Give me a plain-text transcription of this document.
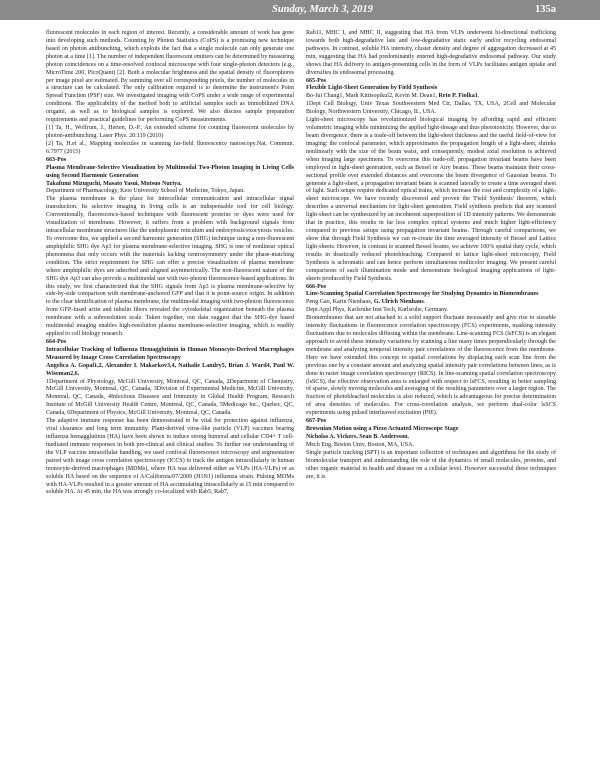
Sunday, March 3, 2019	135a

fluorescent molecules in each region of interest. Recently, a considerable amount of work has gone into developing such methods. Counting by Photon Statistics (CoPS) is a promising new technique based on photon antibunching, which exploits the fact that a single molecule can only generate one photon at a time [1]. The number of independent fluorescent emitters can be determined by measuring photon coincidences on a time-resolved confocal microscope with four single-photon detectors (e.g., MicroTime 200, PicoQuant) [2]. Both a molecular brightness and the spatial density of fluorophores per image pixel are estimated. By summing over all corresponding pixels, the number of molecules in a structure can be calculated. The only calibration required is to determine the instrument's Point Spread Function (PSF) size. We investigated imaging with CoPS under a wide range of experimental conditions. The applicability of the method both to artificial samples such as immobilized DNA origami, as well as to biological samples is explored. We also discuss sample preparation requirements and practical guidelines for performing CoPS measurements.

[1] Ta, H., Wolfrum, J., Herten, D.-P., An extended scheme for counting fluorescent molecules by photon-antibunching. Laser Phys. 20:119 (2010)

[2] Ta, H.et al., Mapping molecules in scanning far-field fluorescence nanoscopy.Nat. Commun. 6:7977 (2015)

663-Pos

Plasma Membrane-Selective Visualization by Multimodal Two-Photon Imaging in Living Cells using Second Harmonic Generation

Takafumi Mizuguchi, Masato Yasui, Mutsuo Nuriya.

Department of Pharmacology, Keio University School of Medicine, Tokyo, Japan.

The plasma membrane is the place for intercellular communication and intracellular signal transduction. Its selective imaging in living cells is an indispensable tool for cell biology. Conventionally, fluorescence-based techniques with fluorescent proteins or dyes were used for visualization of membrane. However, it suffers from a problem with background signals from intracellular membrane structures like the endoplasmic reticulum and endocytosis/exocytosis vesicles. To overcome this, we applied a second harmonic generation (SHG) technique using a non-fluorescent amphiphilic SHG dye Ap3 for plasma membrane-selective imaging. SHG is one of nonlinear optical phenomena that only occurs with the materials lacking centrosymmetry under the phase-matching condition. The strict requirement for SHG can offer a precise visualization of plasma membrane where amphiphilic dyes are adsorbed and aligned asymmetrically. The non-fluorescent nature of the SHG dye Ap3 can also provide a multimodal use with two-photon fluorescence-based applications. In this study, we first characterized that the SHG signals from Ap3 is plasma membrane-selective by side-by-side comparison with membrane-anchored GFP and that it is point-source origin. In addition to the clear identification of plasma membrane, the multimodal imaging with two-photon fluorescence from GFP-fused actin and tubulin fibers revealed the cytoskeletal organization beneath the plasma membrane with a subresolution scale. Taken together, our data suggest that the SHG-dye based multimodal imaging enables high-resolution plasma membrane-selective imaging, which is readily applied to cell biology research.

664-Pos

Intracellular Tracking of Influenza Hemagglutinin in Human Monocyte-Derived Macrophages Measured by Image Cross Correlation Spectroscopy

Angelica A. Gopal1,2, Alexander I. Makarkov3,4, Nathalie Landry5, Brian J. Ward4, Paul W. Wiseman2,6.

1Department of Physiology, McGill University, Montreal, QC, Canada, 2Department of Chemistry, McGill University, Montreal, QC, Canada, 3Division of Experimental Medicine, McGill University, Montreal, QC, Canada, 4Infectious Diseases and Immunity in Global Health Program, Research Institute of McGill University Health Centre, Montreal, QC, Canada, 5Medicago Inc., Quebec, QC, Canada, 6Department of Physics, McGill University, Montreal, QC, Canada.

The adaptive immune response has been demonstrated to be vital for protection against influenza, viral clearance and long term immunity. Plant-derived virus-like particle (VLP) vaccines bearing influenza hemagglutinin (HA) have been shown to induce strong humoral and cellular CD4+ T cell-mediated immune responses in both pre-clinical and clinical studies. To further our understanding of the VLP vaccine intracellular handling, we used confocal fluorescence microscopy and segmentation paired with image cross correlation spectroscopy (ICCS) to track the antigen intracellularly in human monocyte-derived macrophages (MDMs), where HA was delivered either as VLPs (HA-VLPs) or as soluble HA based on the sequence of A/California/07/2009 (H1N1) influenza strain. Pulsing MDMs with HA-VLPs resulted in a greater amount of HA accumulating intracellularly at 15 min compared to soluble HA. At 45 min, the HA was strongly co-localized with Rab5, Rab7,

Rab11, MHC I, and MHC II, suggesting that HA from VLPs underwent bi-directional trafficking towards both high-degradative late and low-degradative static early and/or recycling endosomal pathways. In contrast, soluble HA intensity, cluster density and degree of aggregation decreased at 45 min, suggesting that HA had predominantly entered high-degradative endosomal pathway. Our study shows that HA delivery to antigen-presenting cells in the form of VLPs facilitates antigen uptake and diversifies its endosomal processing.

665-Pos

Flexible Light-Sheet Generation by Field Synthesis

Bo-Jui Chang1, Mark Kittisopikul2, Kevin M. Dean1, Reto P. Fiolka1.

1Dept Cell Biology, Univ Texas Southwestern Med Ctr, Dallas, TX, USA, 2Cell and Molecular Biology, Northwestern University, Chicago, IL, USA.

Light-sheet microscopy has revolutionized biological imaging by affording rapid and efficient volumetric imaging while minimizing the applied light-dosage and thus phototoxicity. However, due to beam divergence, there is a trade-off between the light-sheet thickness and the useful field-of-view for imaging: the confocal parameter, which approximates the propagation length of a light-sheet, shrinks nonlinearly with the size of the beam waist, and consequently, modest axial resolution is achieved when imaging large specimens. To overcome this trade-off, propagation invariant beams have been employed in light-sheet generation, such as Bessel or Airy beams. These beams maintain their cross-sectional profile over extended distances and overcome the beam divergence of Gaussian beams. To generate a light-sheet, a propagation invariant beam is scanned laterally to create a time averaged sheet of light. Such setups require dedicated optical trains, which increase the cost and complexity of a light-sheet microscope. We have recently discovered and proven the 'Field Synthesis' theorem, which describes a universal mechanism for light-sheet generation. Field synthesis predicts that any scanned light-sheet can be synthesized by an incoherent superposition of 1D intensity patterns. We demonstrate that in practice, this results in far less complex optical systems and much higher light-efficiency compared to previous setups using propagation invariant beams. Through careful comparisons, we show that through Field Synthesis we can re-create the time averaged intensity of Bessel and Lattice light-sheets. However, in contrast to scanned Bessel beams, we achieve 100% spatial duty cycle, which results in drastically reduced photobleaching. Compared to lattice light-sheet microscopy, Field Synthesis is achromatic and can hence perform simultaneous multicolor imaging. We present careful comparisons of each illumination mode and demonstrate biological imaging applications of light-sheets produced by Field Synthesis.

666-Pos

Line-Scanning Spatial Correlation Spectroscopy for Studying Dynamics in Biomembranes

Peng Gao, Karin Nienhaus, G. Ulrich Nienhaus.

Dept Appl Phys, Karlsruhe Inst Tech, Karlsruhe, Germany.

Biomembranes that are not attached to a solid support fluctuate incessantly and give rise to sizeable intensity fluctuations in fluorescence correlation spectroscopy (FCS) experiments, masking intensity fluctuations due to molecules diffusing within the membrane. Line-scanning FCS (lsFCS) is an elegant approach to avoid these intensity variations by scanning a line many times perpendicularly through the membrane and analyzing temporal intensity pair correlations of the fluorescence from the membrane. Here we have extended this concept to spatial correlations by displacing each scan line from the previous one by a constant amount and analyzing spatial intensity pair correlations between lines, as is done in raster image correlation spectroscopy (RICS). In line-scanning spatial correlation spectroscopy (lsSCS), the effective observation area is enlarged with respect to lsFCS, resulting in better sampling of sparse, slowly moving molecules and averaging of the resulting parameters over a larger region. The fraction of photobleached molecules is also reduced, which is advantageous for precise determination of area densities of molecules. For cross-correlation analysis, we perform dual-color lsSCS experiments using pulsed interleaved excitation (PIE).

667-Pos

Brownian Motion using a Piezo Actuated Microscope Stage

Nicholas A. Vickers, Sean B. Andersson.

Mech Eng, Boston Univ, Boston, MA, USA.

Single particle tracking (SPT) is an important collection of techniques and algorithms for the study of biomolecular transport and understanding the role of the dynamics of small molecules, proteins, and other organic material in health and disease on a cellular level. However successful these techniques are, it is
